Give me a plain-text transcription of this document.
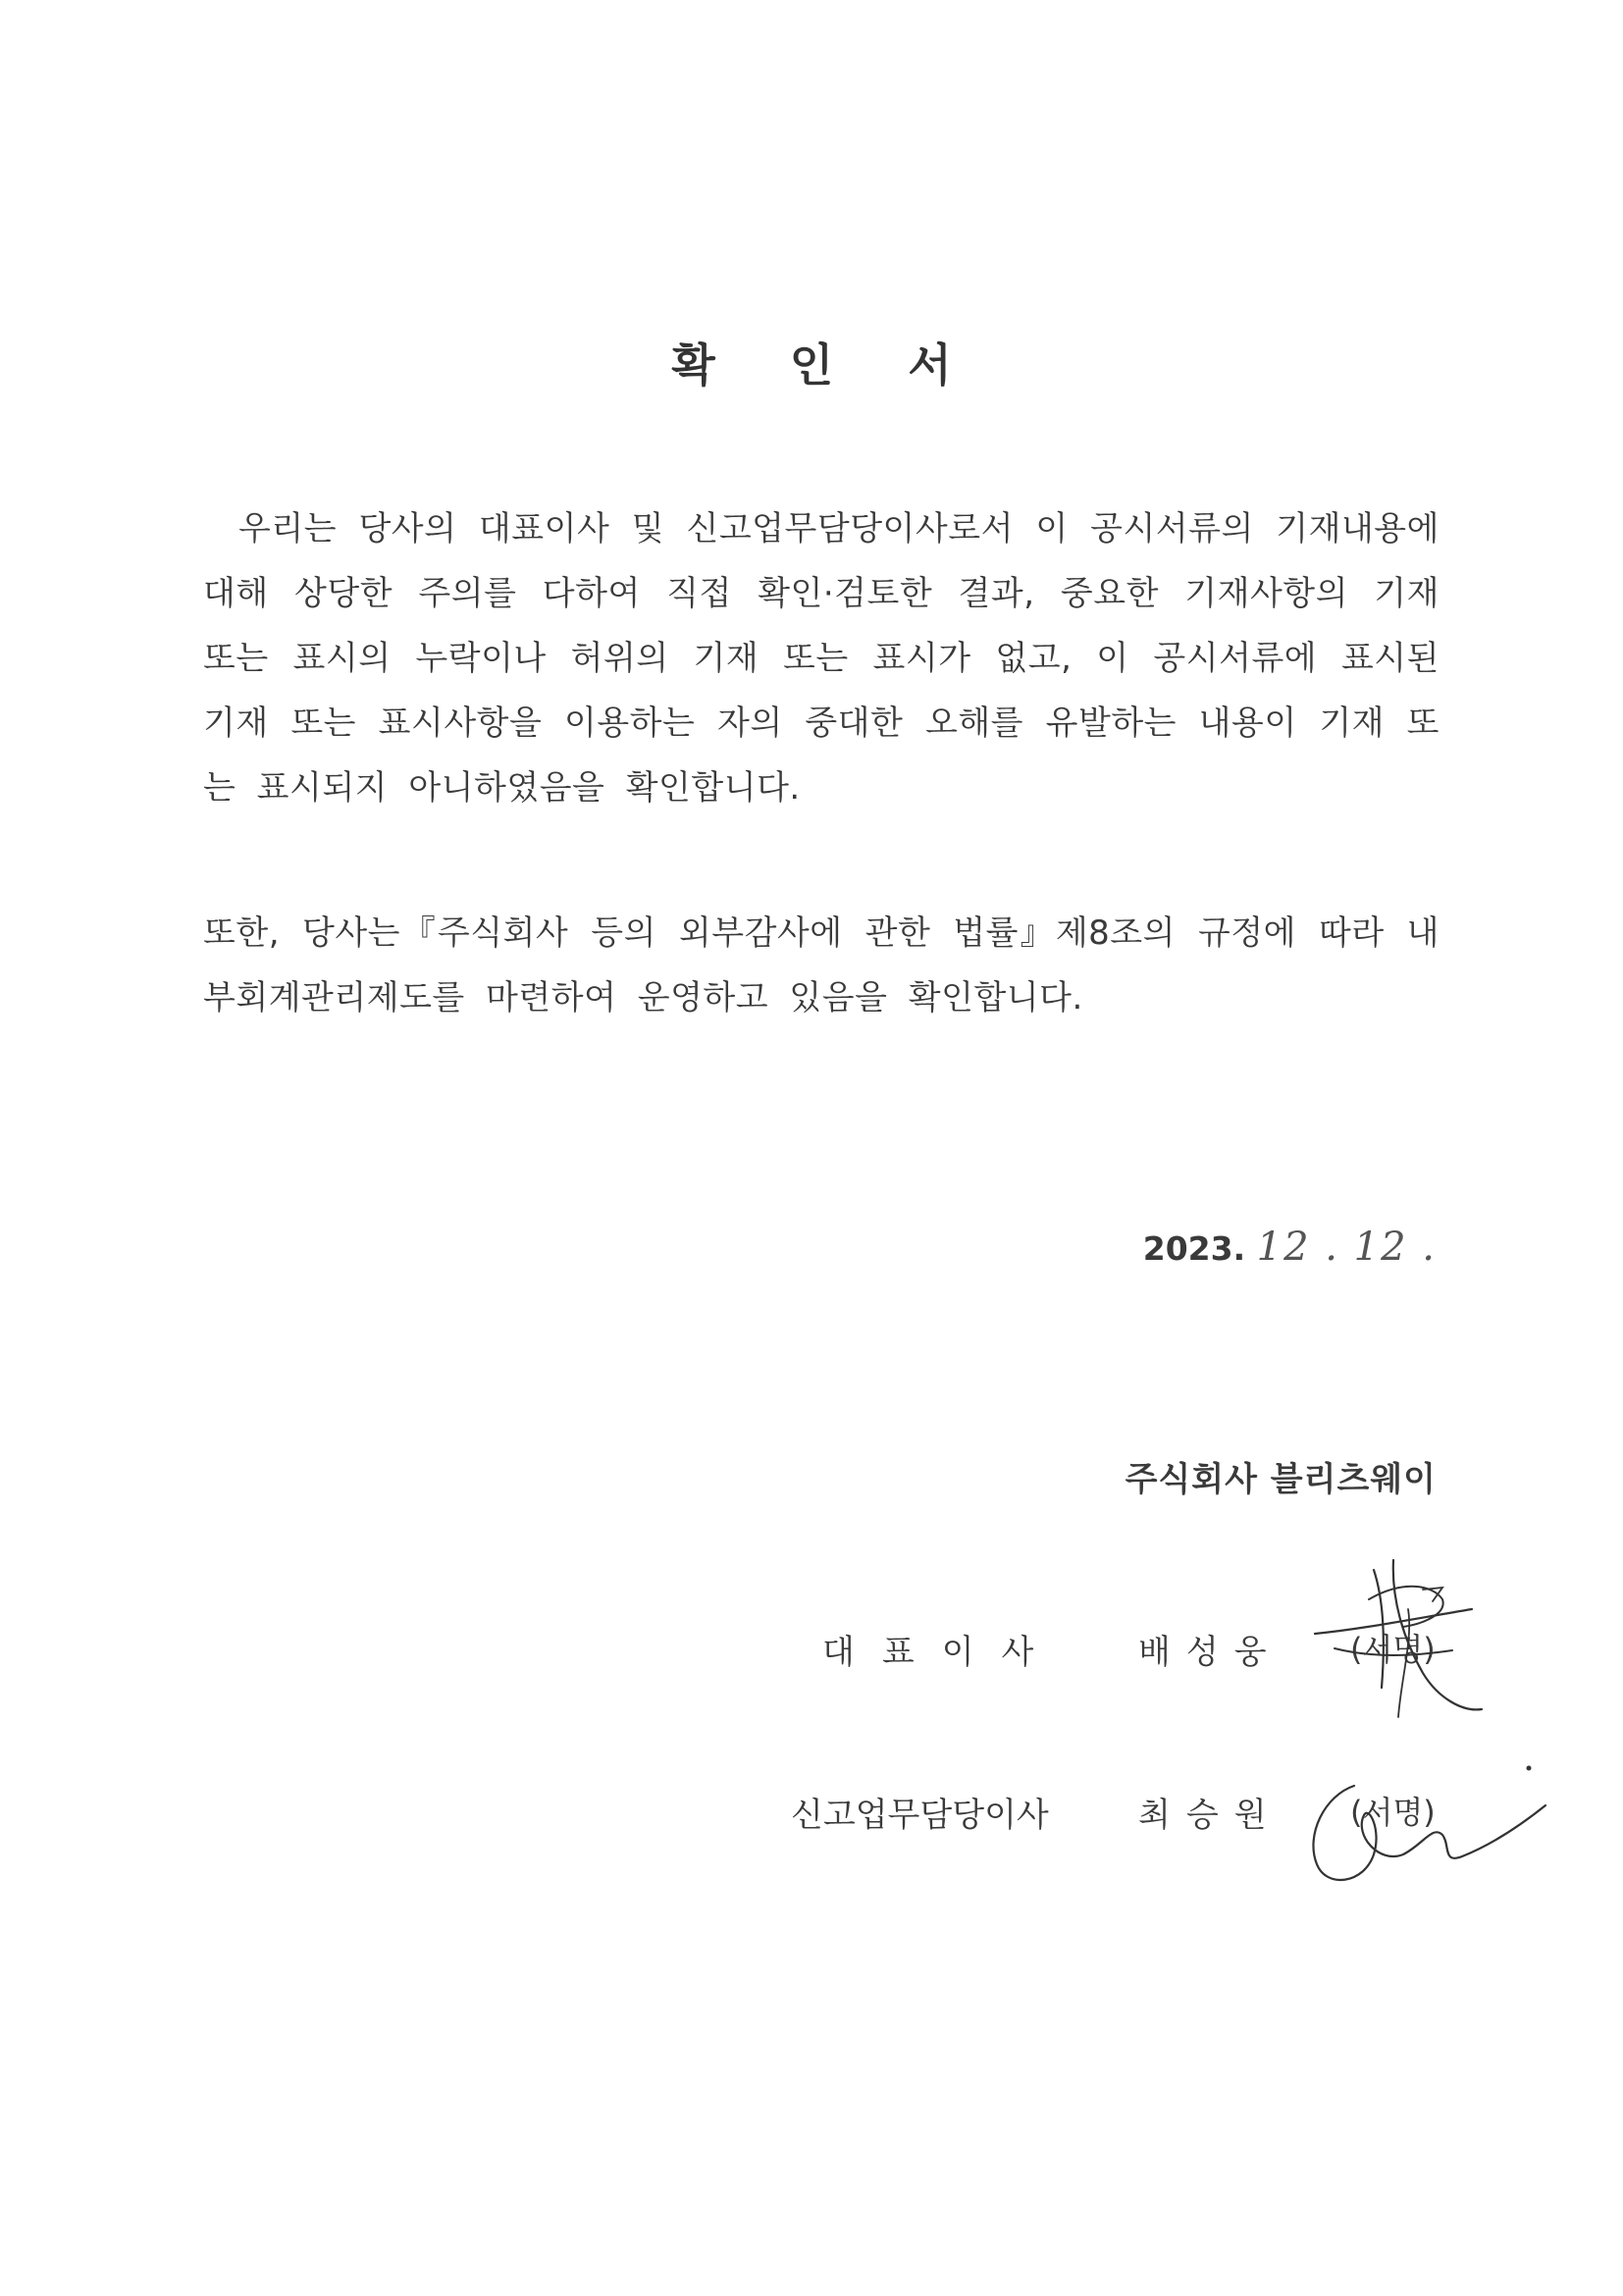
확 인 서
우리는 당사의 대표이사 및 신고업무담당이사로서 이 공시서류의 기재내용에 대해 상당한 주의를 다하여 직접 확인·검토한 결과, 중요한 기재사항의 기재 또는 표시의 누락이나 허위의 기재 또는 표시가 없고, 이 공시서류에 표시된 기재 또는 표시사항을 이용하는 자의 중대한 오해를 유발하는 내용이 기재 또는 표시되지 아니하였음을 확인합니다.
또한, 당사는『주식회사 등의 외부감사에 관한 법률』제8조의 규정에 따라 내부회계관리제도를 마련하여 운영하고 있음을 확인합니다.
2023. 12 . 12 .
주식회사 블리츠웨이
대표이사 배성웅 (서명)
신고업무담당이사	최승원 (서명)
